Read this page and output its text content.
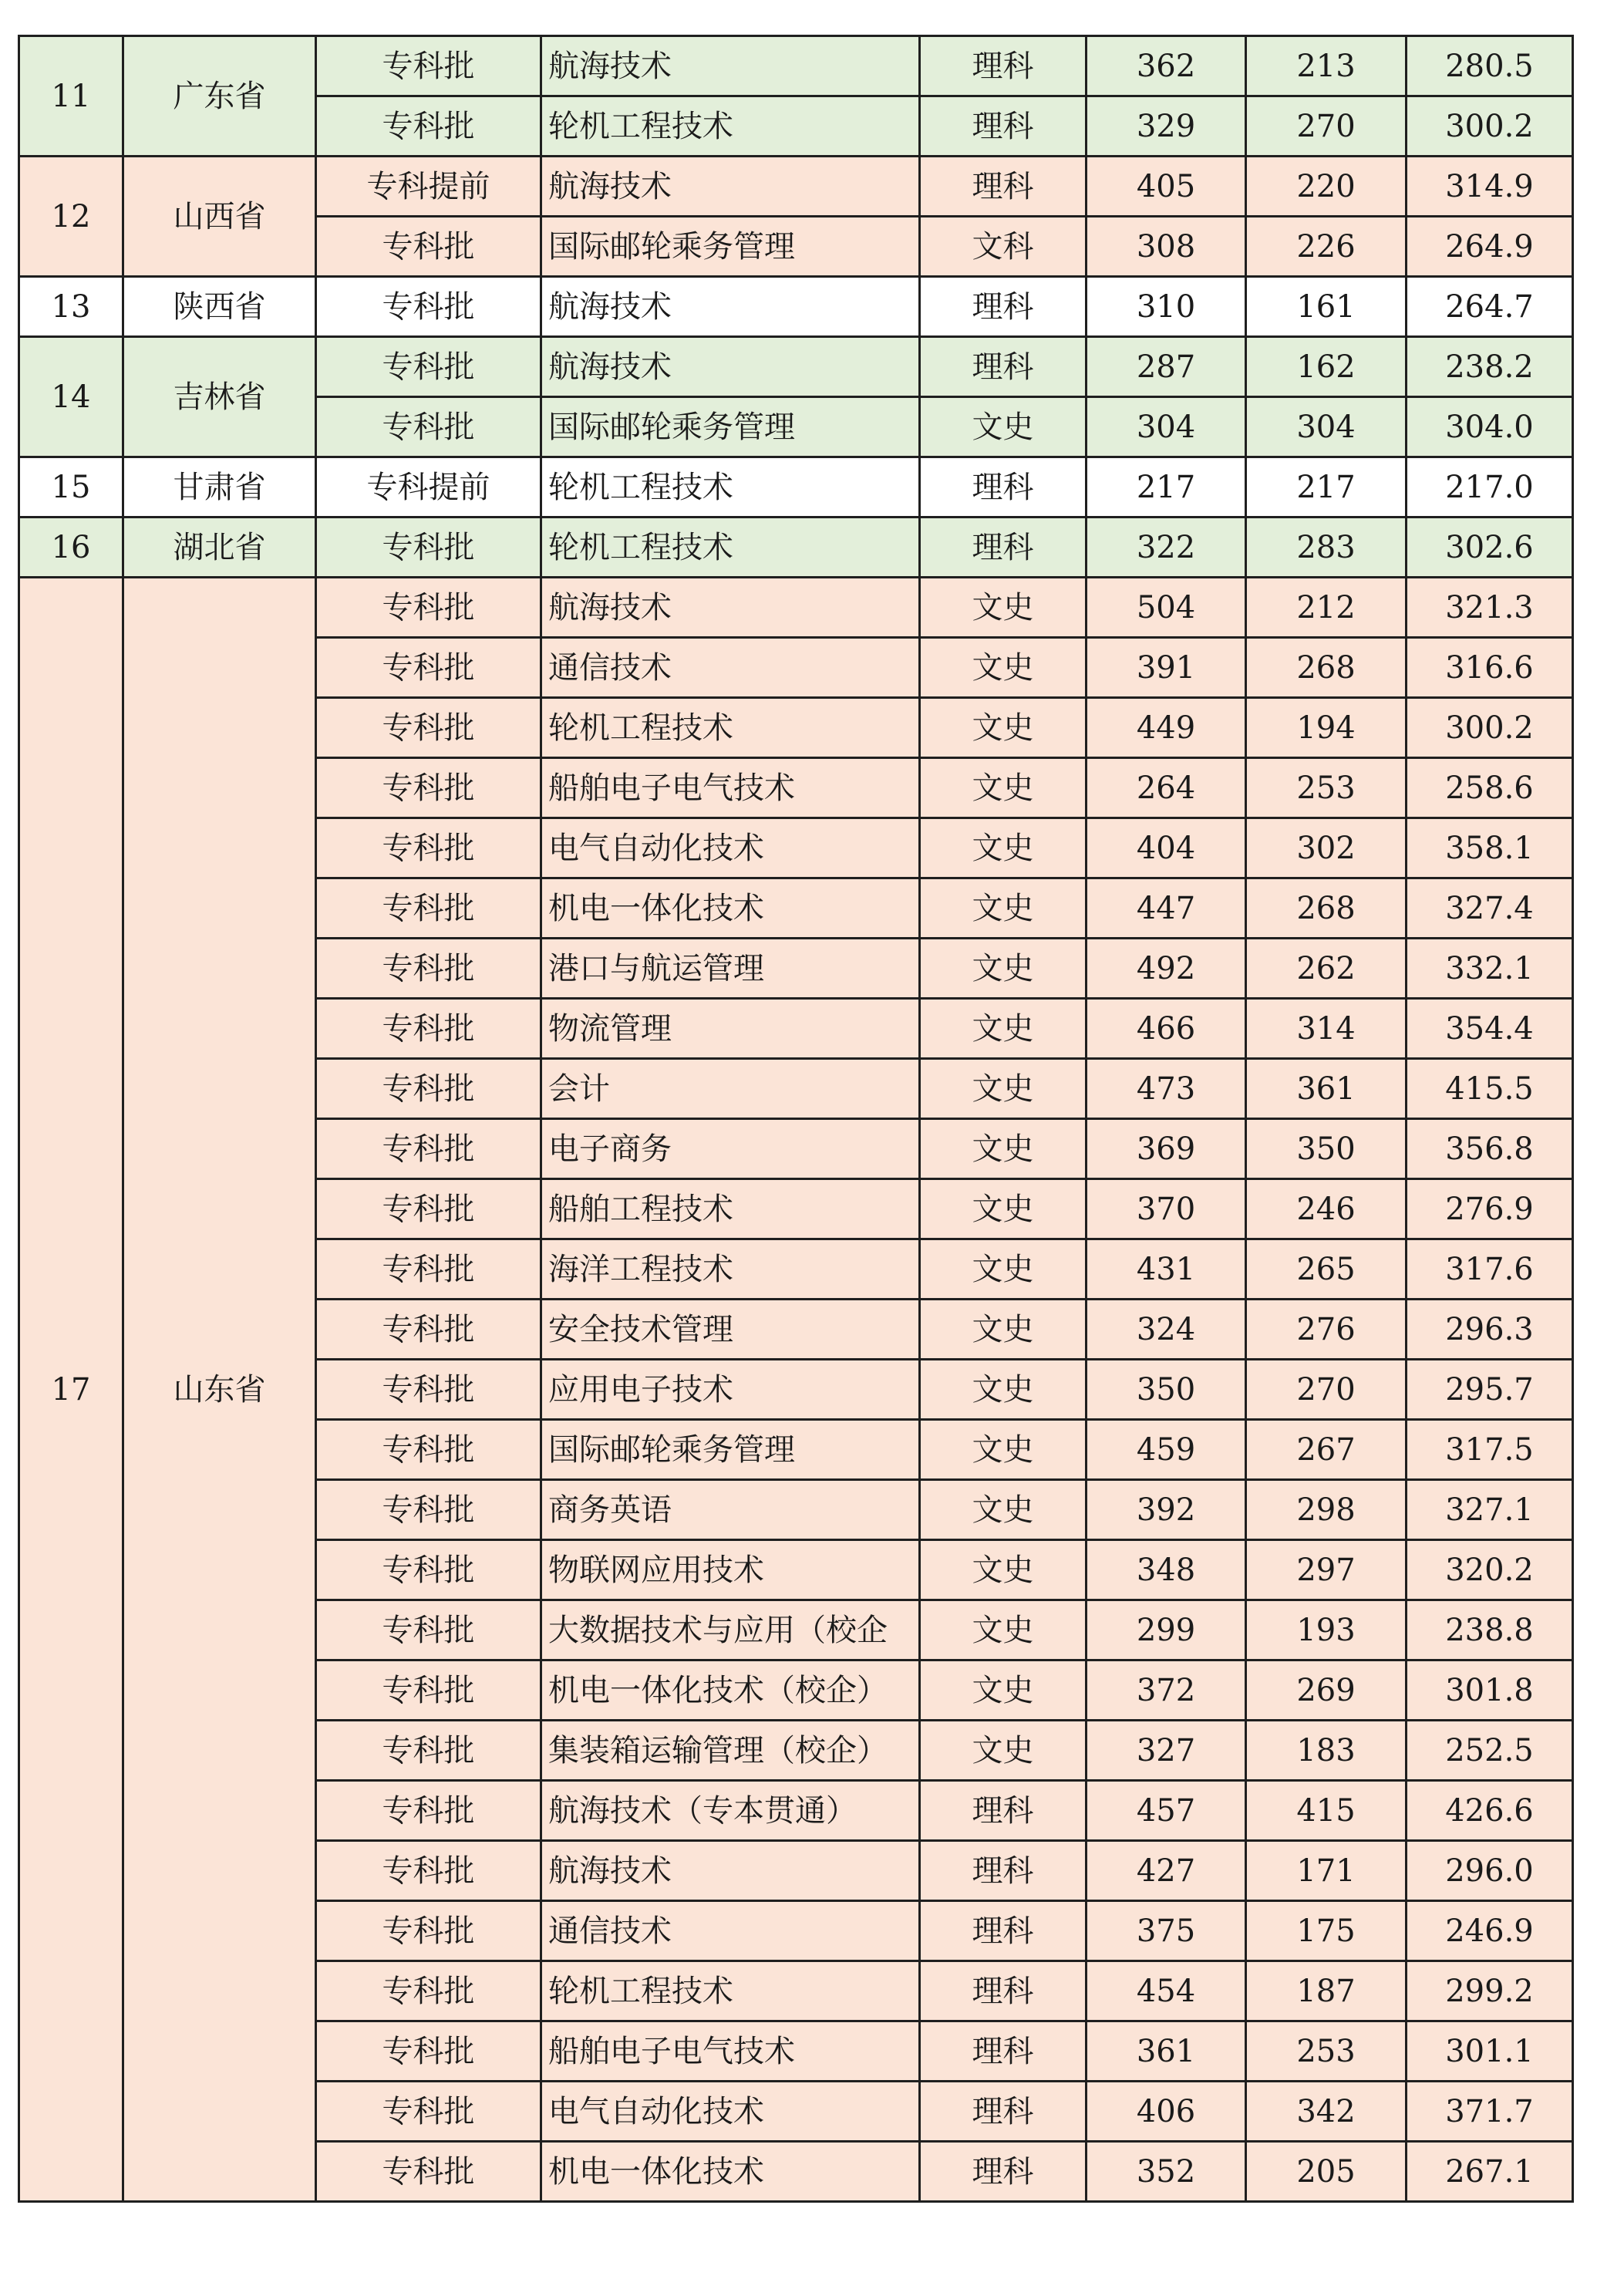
11	广东省	专科批	航海技术	理科	362	213	280.5
		专科批	轮机工程技术	理科	329	270	300.2
12	山西省	专科提前	航海技术	理科	405	220	314.9
		专科批	国际邮轮乘务管理	文科	308	226	264.9
13	陕西省	专科批	航海技术	理科	310	161	264.7
14	吉林省	专科批	航海技术	理科	287	162	238.2
		专科批	国际邮轮乘务管理	文史	304	304	304.0
15	甘肃省	专科提前	轮机工程技术	理科	217	217	217.0
16	湖北省	专科批	轮机工程技术	理科	322	283	302.6
17	山东省	专科批	航海技术	文史	504	212	321.3
		专科批	通信技术	文史	391	268	316.6
		专科批	轮机工程技术	文史	449	194	300.2
		专科批	船舶电子电气技术	文史	264	253	258.6
		专科批	电气自动化技术	文史	404	302	358.1
		专科批	机电一体化技术	文史	447	268	327.4
		专科批	港口与航运管理	文史	492	262	332.1
		专科批	物流管理	文史	466	314	354.4
		专科批	会计	文史	473	361	415.5
		专科批	电子商务	文史	369	350	356.8
		专科批	船舶工程技术	文史	370	246	276.9
		专科批	海洋工程技术	文史	431	265	317.6
		专科批	安全技术管理	文史	324	276	296.3
		专科批	应用电子技术	文史	350	270	295.7
		专科批	国际邮轮乘务管理	文史	459	267	317.5
		专科批	商务英语	文史	392	298	327.1
		专科批	物联网应用技术	文史	348	297	320.2
		专科批	大数据技术与应用（校企	文史	299	193	238.8
		专科批	机电一体化技术（校企）	文史	372	269	301.8
		专科批	集装箱运输管理（校企）	文史	327	183	252.5
		专科批	航海技术（专本贯通）	理科	457	415	426.6
		专科批	航海技术	理科	427	171	296.0
		专科批	通信技术	理科	375	175	246.9
		专科批	轮机工程技术	理科	454	187	299.2
		专科批	船舶电子电气技术	理科	361	253	301.1
		专科批	电气自动化技术	理科	406	342	371.7
		专科批	机电一体化技术	理科	352	205	267.1
